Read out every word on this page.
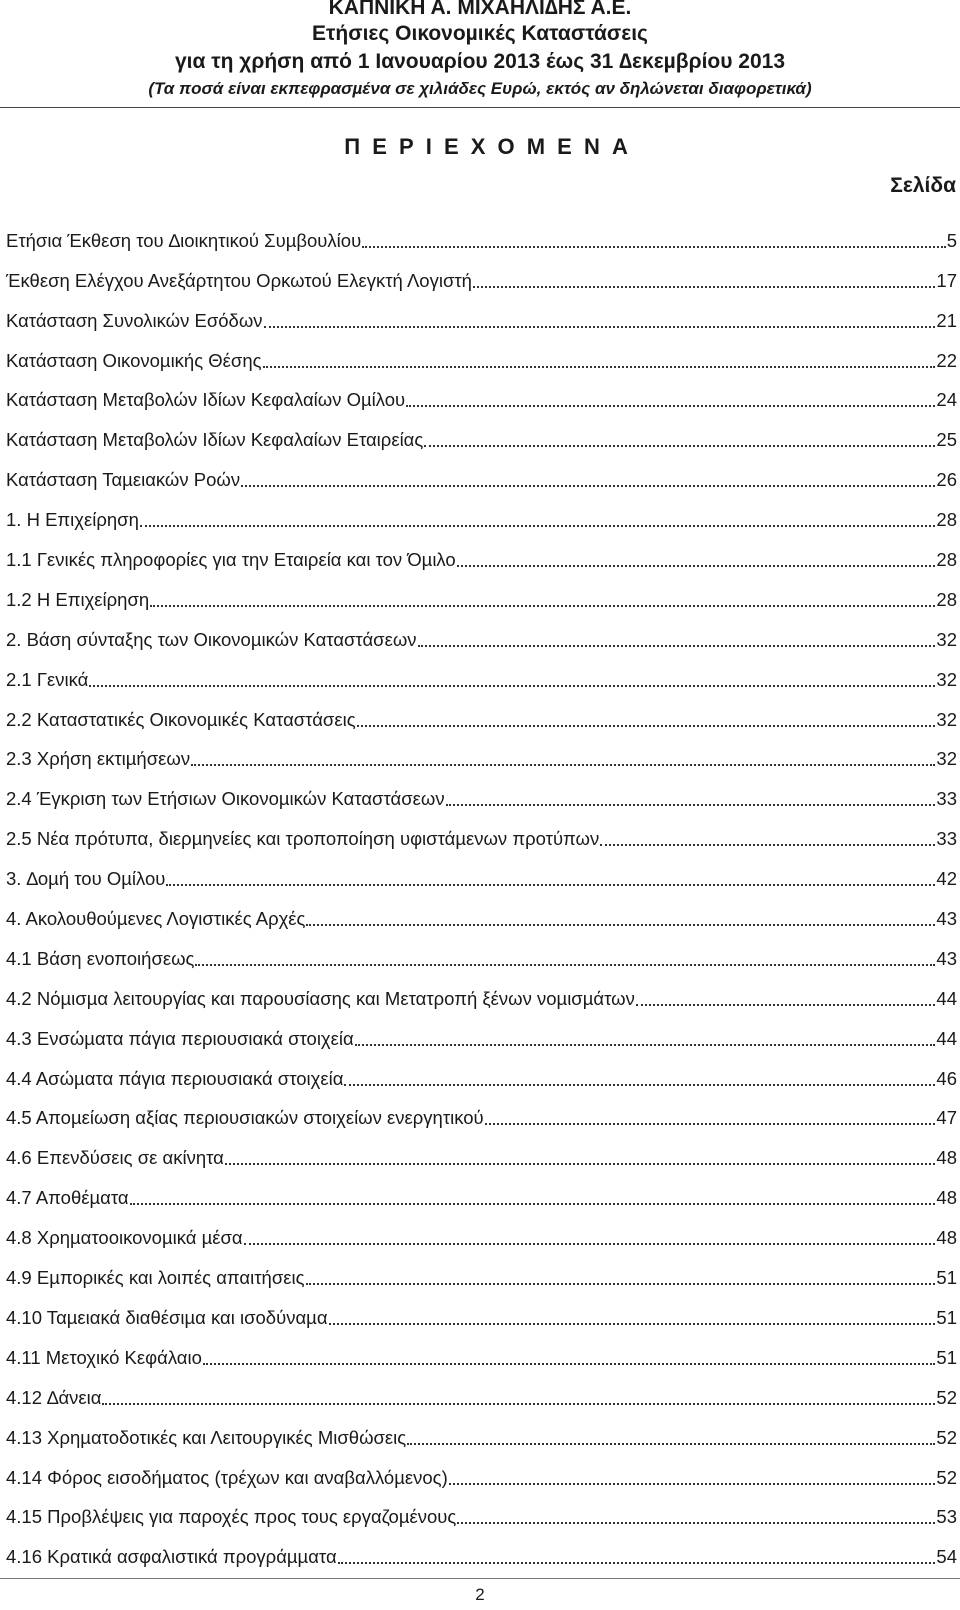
ΚΑΠΝΙΚΗ Α. ΜΙΧΑΗΛΙ∆ΗΣ Α.Ε.
Ετήσιες Οικονοµικές Καταστάσεις
για τη χρήση από 1 Ιανουαρίου 2013 έως 31 ∆εκεµβρίου 2013
(Τα ποσά είναι εκπεφρασµένα σε χιλιάδες Ευρώ, εκτός αν δηλώνεται διαφορετικά)
ΠΕΡΙΕΧΟΜΕΝΑ
Σελίδα
Ετήσια Έκθεση του ∆ιοικητικού Συµβουλίου	5
Έκθεση Ελέγχου Ανεξάρτητου Ορκωτού Ελεγκτή Λογιστή	17
Κατάσταση Συνολικών Εσόδων	21
Κατάσταση Οικονοµικής Θέσης	22
Κατάσταση Μεταβολών Ιδίων Κεφαλαίων Οµίλου	24
Κατάσταση Μεταβολών Ιδίων Κεφαλαίων Εταιρείας	25
Κατάσταση Ταµειακών Ροών	26
1. Η Επιχείρηση	28
1.1 Γενικές πληροφορίες για την Εταιρεία και τον Όµιλο	28
1.2 Η Επιχείρηση	28
2. Βάση σύνταξης των Οικονοµικών Καταστάσεων	32
2.1 Γενικά	32
2.2 Καταστατικές Οικονοµικές Καταστάσεις	32
2.3 Χρήση εκτιµήσεων	32
2.4 Έγκριση των Ετήσιων Οικονοµικών Καταστάσεων	33
2.5 Νέα πρότυπα, διερµηνείες και τροποποίηση υφιστάµενων προτύπων	33
3. ∆οµή του Οµίλου	42
4. Ακολουθούµενες Λογιστικές Αρχές	43
4.1 Βάση ενοποιήσεως	43
4.2 Νόµισµα λειτουργίας και παρουσίασης και Μετατροπή ξένων νοµισµάτων	44
4.3 Ενσώµατα πάγια περιουσιακά στοιχεία	44
4.4 Ασώµατα πάγια περιουσιακά στοιχεία	46
4.5 Αποµείωση αξίας περιουσιακών στοιχείων ενεργητικού	47
4.6 Επενδύσεις σε ακίνητα	48
4.7 Αποθέµατα	48
4.8 Χρηµατοοικονοµικά µέσα	48
4.9 Εµπορικές και λοιπές απαιτήσεις	51
4.10 Ταµειακά διαθέσιµα και ισοδύναµα	51
4.11 Μετοχικό Κεφάλαιο	51
4.12 ∆άνεια	52
4.13 Χρηµατοδοτικές και Λειτουργικές Μισθώσεις	52
4.14 Φόρος εισοδήµατος (τρέχων και αναβαλλόµενος)	52
4.15 Προβλέψεις για παροχές προς τους εργαζοµένους	53
4.16 Κρατικά ασφαλιστικά προγράµµατα	54
2
